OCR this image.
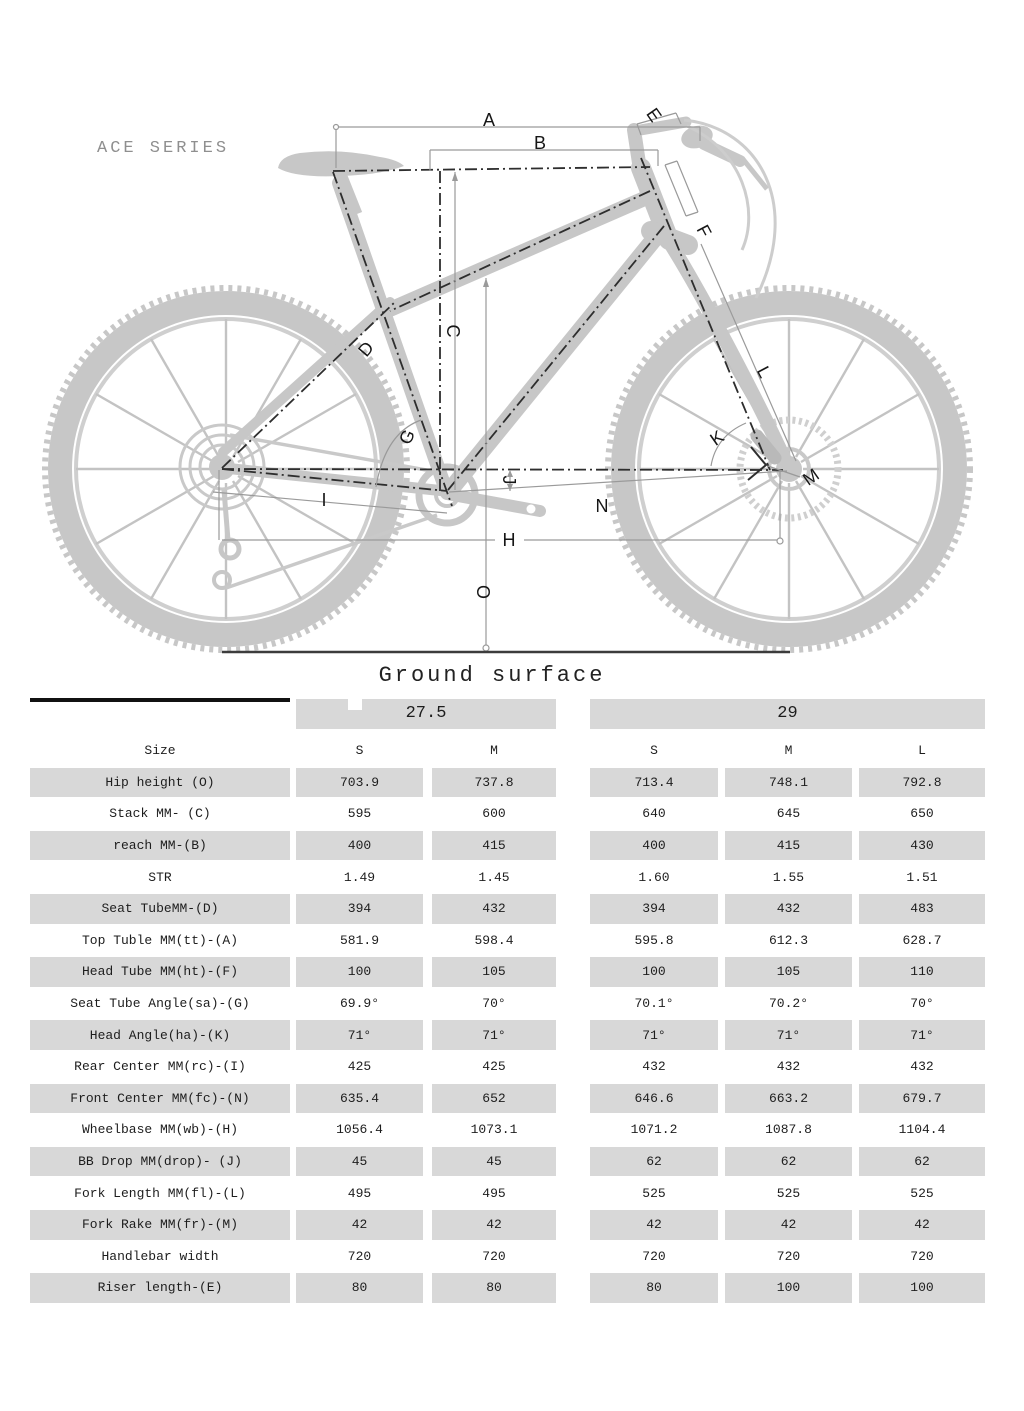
ACE SERIES
A
B
C
D
E
F
G
H
I
J
K
L
M
N
O
Ground surface
27.5	29
Size	S	M	S	M	L
Hip height (O)	703.9	737.8	713.4	748.1	792.8
Stack MM- (C)	595	600	640	645	650
reach MM-(B)	400	415	400	415	430
STR	1.49	1.45	1.60	1.55	1.51
Seat TubeMM-(D)	394	432	394	432	483
Top Tuble MM(tt)-(A)	581.9	598.4	595.8	612.3	628.7
Head Tube MM(ht)-(F)	100	105	100	105	110
Seat Tube Angle(sa)-(G)	69.9°	70°	70.1°	70.2°	70°
Head Angle(ha)-(K)	71°	71°	71°	71°	71°
Rear Center MM(rc)-(I)	425	425	432	432	432
Front Center MM(fc)-(N)	635.4	652	646.6	663.2	679.7
Wheelbase MM(wb)-(H)	1056.4	1073.1	1071.2	1087.8	1104.4
BB Drop MM(drop)- (J)	45	45	62	62	62
Fork Length MM(fl)-(L)	495	495	525	525	525
Fork Rake MM(fr)-(M)	42	42	42	42	42
Handlebar width	720	720	720	720	720
Riser length-(E)	80	80	80	100	100
